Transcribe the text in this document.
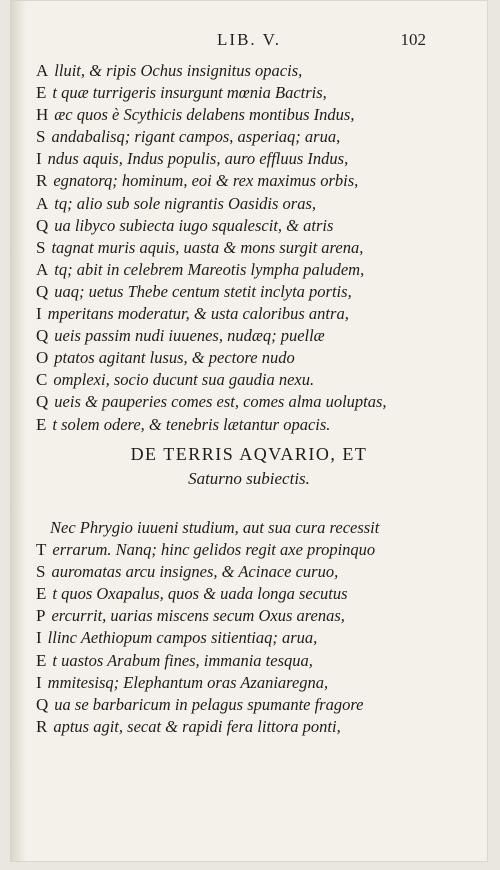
LIB. V.	102
A lluit, & ripis Ochus insignitus opacis,
E t quæ turrigeris insurgunt mœnia Bactris,
H æc quos è Scythicis delabens montibus Indus,
S andabalisq; rigant campos, asperiaq; arua,
I ndus aquis, Indus populis, auro effluus Indus,
R egnatorq; hominum, eoi & rex maximus orbis,
A tq; alio sub sole nigrantis Oasidis oras,
Q ua libyco subiecta iugo squalescit, & atris
S tagnat muris aquis, uasta & mons surgit arena,
A tq; abit in celebrem Mareotis lympha paludem,
Q uaq; uetus Thebe centum stetit inclyta portis,
I mperitans moderatur, & usta caloribus antra,
Q ueis passim nudi iuuenes, nudæq; puellæ
O ptatos agitant lusus, & pectore nudo
C omplexi, socio ducunt sua gaudia nexu.
Q ueis & pauperies comes est, comes alma uoluptas,
E t solem odere, & tenebris lætantur opacis.
DE TERRIS AQVARIO, ET
Saturno subiectis.
Nec Phrygio iuueni studium, aut sua cura recessit
T errarum. Nanq; hinc gelidos regit axe propinquo
S auromatas arcu insignes, & Acinace curuo,
E t quos Oxapalus, quos & uada longa secutus
P ercurrit, uarias miscens secum Oxus arenas,
I llinc Aethiopum campos sitientiaq; arua,
E t uastos Arabum fines, immania tesqua,
I mmitesisq; Elephantum oras Azaniaregna,
Q ua se barbaricum in pelagus spumante fragore
R aptus agit, secat & rapidi fera littora ponti,
